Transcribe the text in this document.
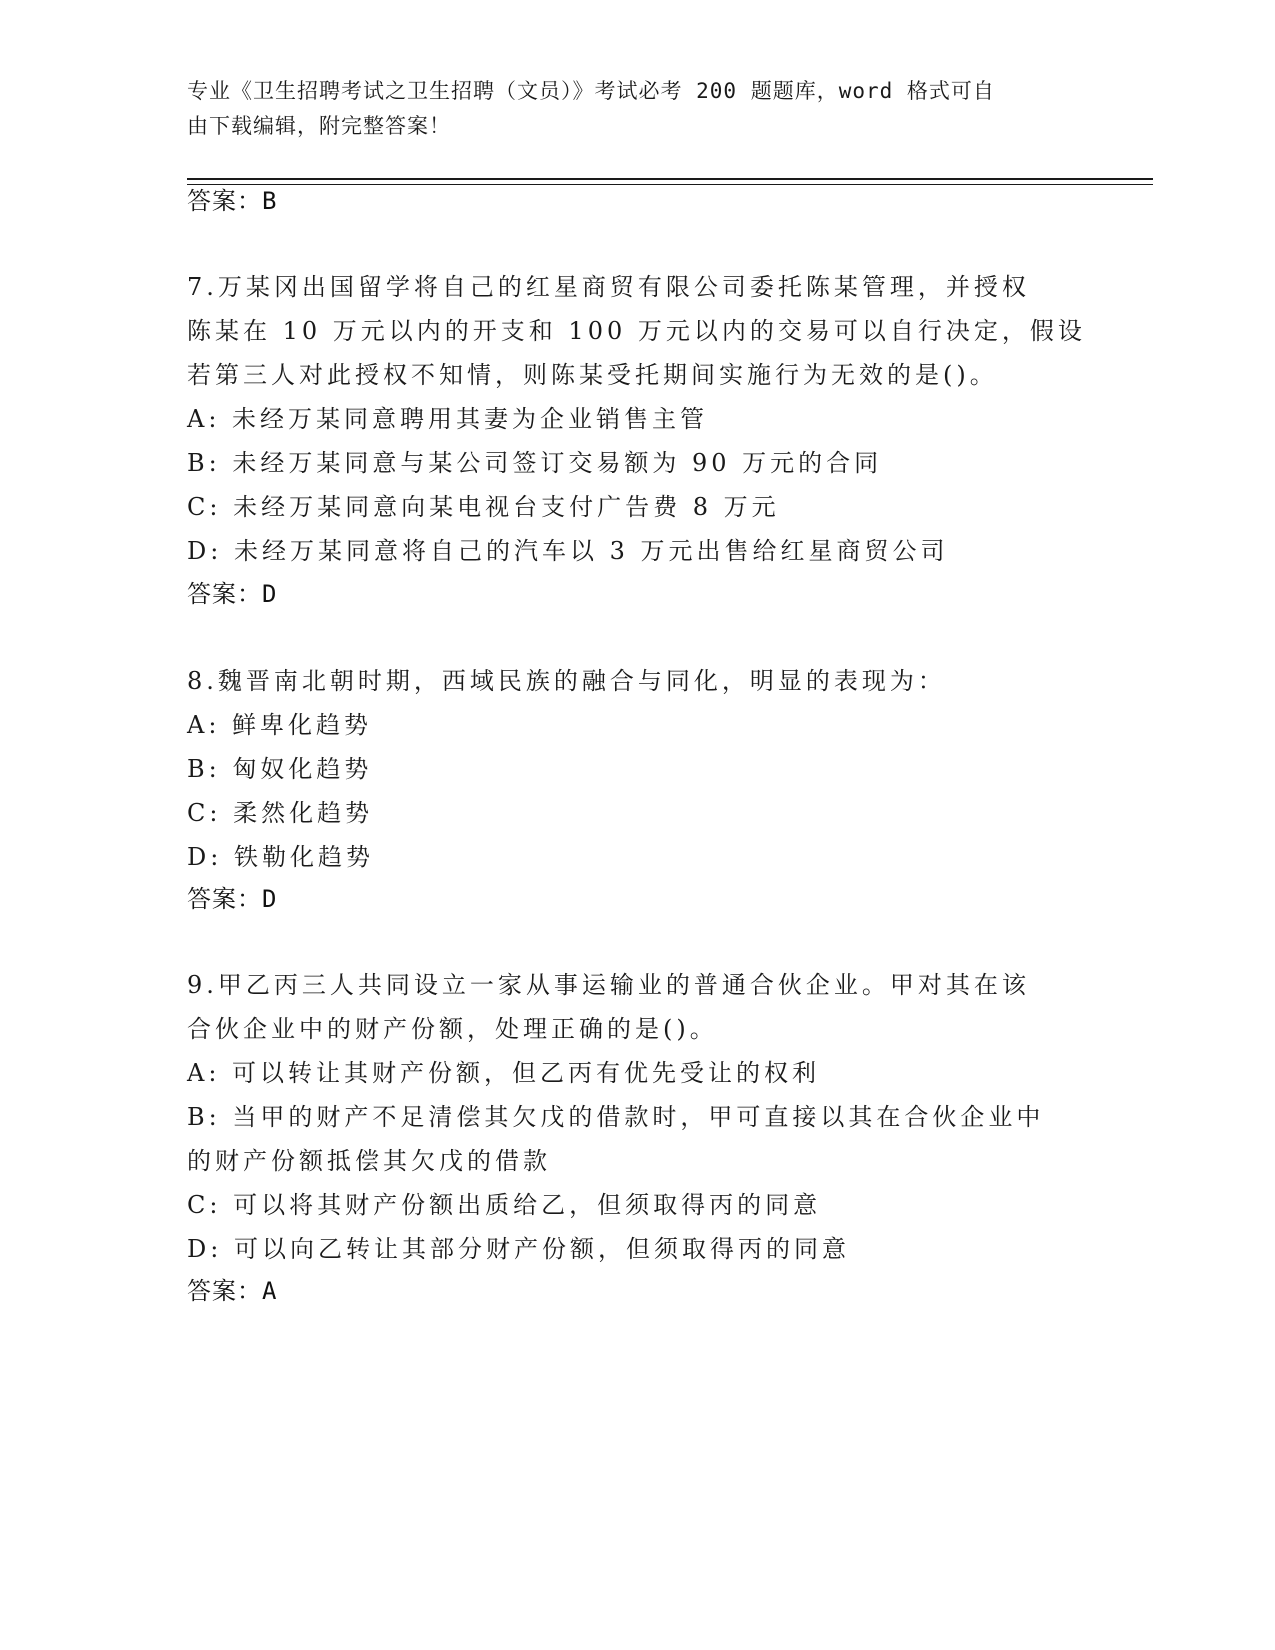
专业《卫生招聘考试之卫生招聘（文员）》考试必考 200 题题库，word 格式可自
由下载编辑，附完整答案！
答案：B
7.万某冈出国留学将自己的红星商贸有限公司委托陈某管理，并授权
陈某在 10 万元以内的开支和 100 万元以内的交易可以自行决定，假设
若第三人对此授权不知情，则陈某受托期间实施行为无效的是()。
A: 未经万某同意聘用其妻为企业销售主管
B: 未经万某同意与某公司签订交易额为 90 万元的合同
C: 未经万某同意向某电视台支付广告费 8 万元
D: 未经万某同意将自己的汽车以 3 万元出售给红星商贸公司
答案：D
8.魏晋南北朝时期，西域民族的融合与同化，明显的表现为：
A: 鲜卑化趋势
B: 匈奴化趋势
C: 柔然化趋势
D: 铁勒化趋势
答案：D
9.甲乙丙三人共同设立一家从事运输业的普通合伙企业。甲对其在该
合伙企业中的财产份额，处理正确的是()。
A: 可以转让其财产份额，但乙丙有优先受让的权利
B: 当甲的财产不足清偿其欠戊的借款时，甲可直接以其在合伙企业中
的财产份额抵偿其欠戊的借款
C: 可以将其财产份额出质给乙，但须取得丙的同意
D: 可以向乙转让其部分财产份额，但须取得丙的同意
答案：A
